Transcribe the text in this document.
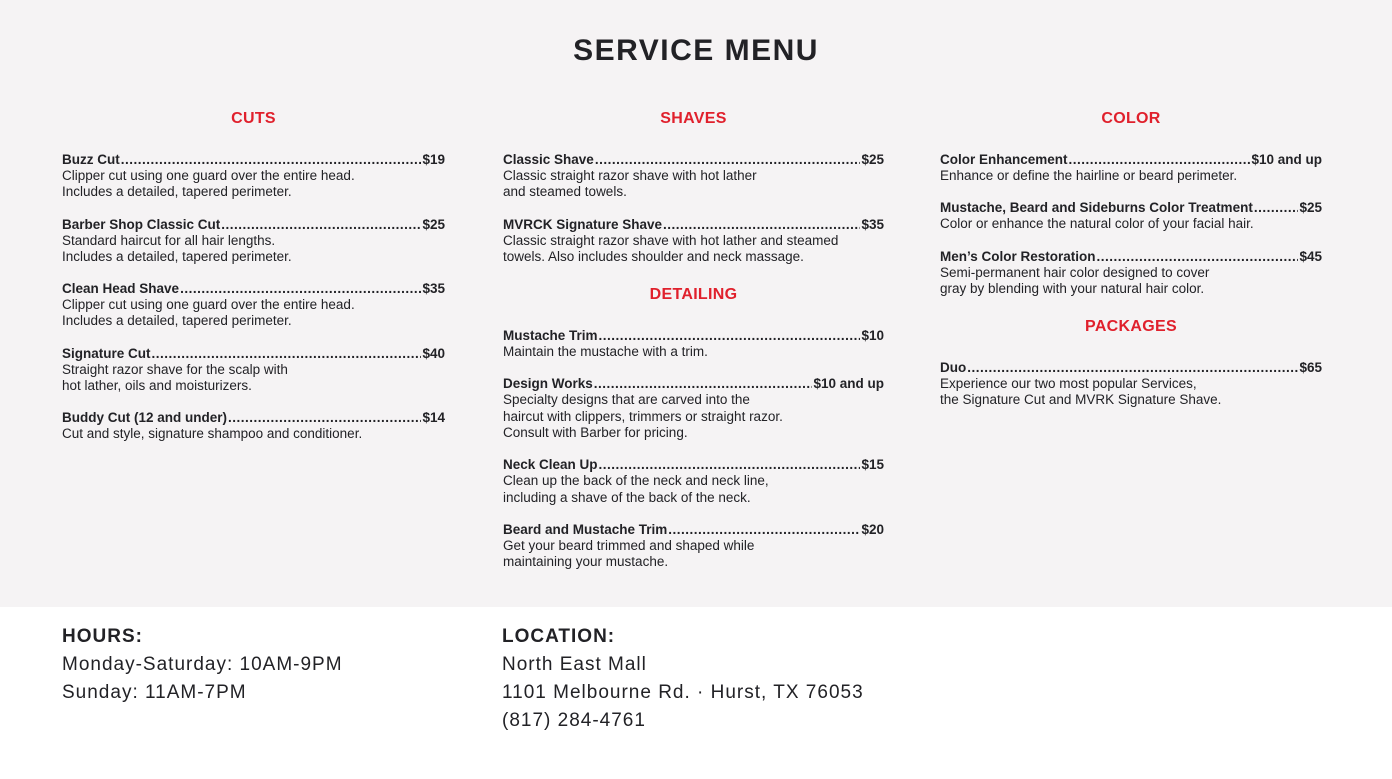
SERVICE MENU
CUTS
Buzz Cut .....	$19
Clipper cut using one guard over the entire head.
Includes a detailed, tapered perimeter.
Barber Shop Classic Cut .....	$25
Standard haircut for all hair lengths.
Includes a detailed, tapered perimeter.
Clean Head Shave .....	$35
Clipper cut using one guard over the entire head.
Includes a detailed, tapered perimeter.
Signature Cut .....	$40
Straight razor shave for the scalp with
hot lather, oils and moisturizers.
Buddy Cut (12 and under) .....	$14
Cut and style, signature shampoo and conditioner.
SHAVES
Classic Shave .....	$25
Classic straight razor shave with hot lather
and steamed towels.
MVRCK Signature Shave .....	$35
Classic straight razor shave with hot lather and steamed
towels. Also includes shoulder and neck massage.
DETAILING
Mustache Trim .....	$10
Maintain the mustache with a trim.
Design Works .....	$10 and up
Specialty designs that are carved into the
haircut with clippers, trimmers or straight razor.
Consult with Barber for pricing.
Neck Clean Up .....	$15
Clean up the back of the neck and neck line,
including a shave of the back of the neck.
Beard and Mustache Trim .....	$20
Get your beard trimmed and shaped while
maintaining your mustache.
COLOR
Color Enhancement .....	$10 and up
Enhance or define the hairline or beard perimeter.
Mustache, Beard and Sideburns Color Treatment .....	$25
Color or enhance the natural color of your facial hair.
Men’s Color Restoration .....	$45
Semi-permanent hair color designed to cover
gray by blending with your natural hair color.
PACKAGES
Duo .....	$65
Experience our two most popular Services,
the Signature Cut and MVRK Signature Shave.
HOURS:
Monday-Saturday: 10AM-9PM
Sunday: 11AM-7PM
LOCATION:
North East Mall
1101 Melbourne Rd. · Hurst, TX 76053
(817) 284-4761
